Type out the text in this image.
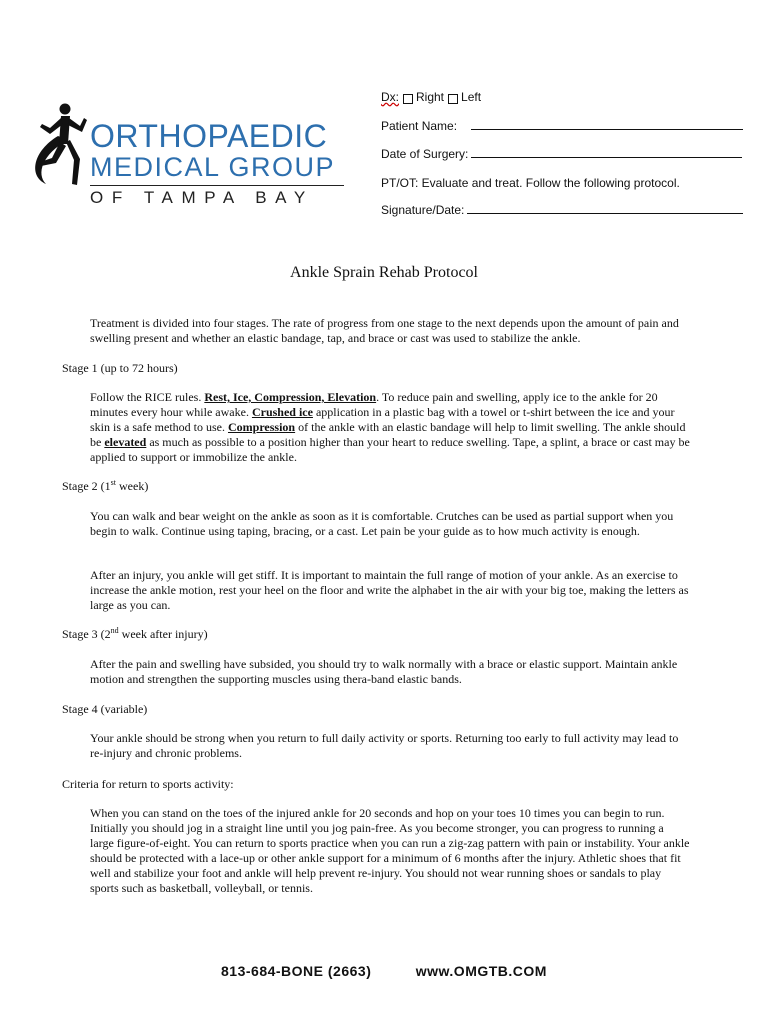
ORTHOPAEDIC
MEDICAL GROUP
OF TAMPA BAY
Dx: Right Left
Patient Name:
Date of Surgery:
PT/OT: Evaluate and treat. Follow the following protocol.
Signature/Date:
Ankle Sprain Rehab Protocol

Treatment is divided into four stages. The rate of progress from one stage to the next depends upon the amount of pain and swelling present and whether an elastic bandage, tap, and brace or cast was used to stabilize the ankle.

Stage 1 (up to 72 hours)

Follow the RICE rules. Rest, Ice, Compression, Elevation. To reduce pain and swelling, apply ice to the ankle for 20 minutes every hour while awake. Crushed ice application in a plastic bag with a towel or t-shirt between the ice and your skin is a safe method to use. Compression of the ankle with an elastic bandage will help to limit swelling. The ankle should be elevated as much as possible to a position higher than your heart to reduce swelling. Tape, a splint, a brace or cast may be applied to support or immobilize the ankle.

Stage 2 (1st week)

You can walk and bear weight on the ankle as soon as it is comfortable. Crutches can be used as partial support when you begin to walk. Continue using taping, bracing, or a cast. Let pain be your guide as to how much activity is enough.

After an injury, you ankle will get stiff. It is important to maintain the full range of motion of your ankle. As an exercise to increase the ankle motion, rest your heel on the floor and write the alphabet in the air with your big toe, making the letters as large as you can.

Stage 3 (2nd week after injury)

After the pain and swelling have subsided, you should try to walk normally with a brace or elastic support. Maintain ankle motion and strengthen the supporting muscles using thera-band elastic bands.

Stage 4 (variable)

Your ankle should be strong when you return to full daily activity or sports. Returning too early to full activity may lead to re-injury and chronic problems.

Criteria for return to sports activity:

When you can stand on the toes of the injured ankle for 20 seconds and hop on your toes 10 times you can begin to run. Initially you should jog in a straight line until you jog pain-free. As you become stronger, you can progress to running a large figure-of-eight. You can return to sports practice when you can run a zig-zag pattern with pain or instability. Your ankle should be protected with a lace-up or other ankle support for a minimum of 6 months after the injury. Athletic shoes that fit well and stabilize your foot and ankle will help prevent re-injury. You should not wear running shoes or sandals to play sports such as basketball, volleyball, or tennis.

813-684-BONE (2663)	www.OMGTB.COM
